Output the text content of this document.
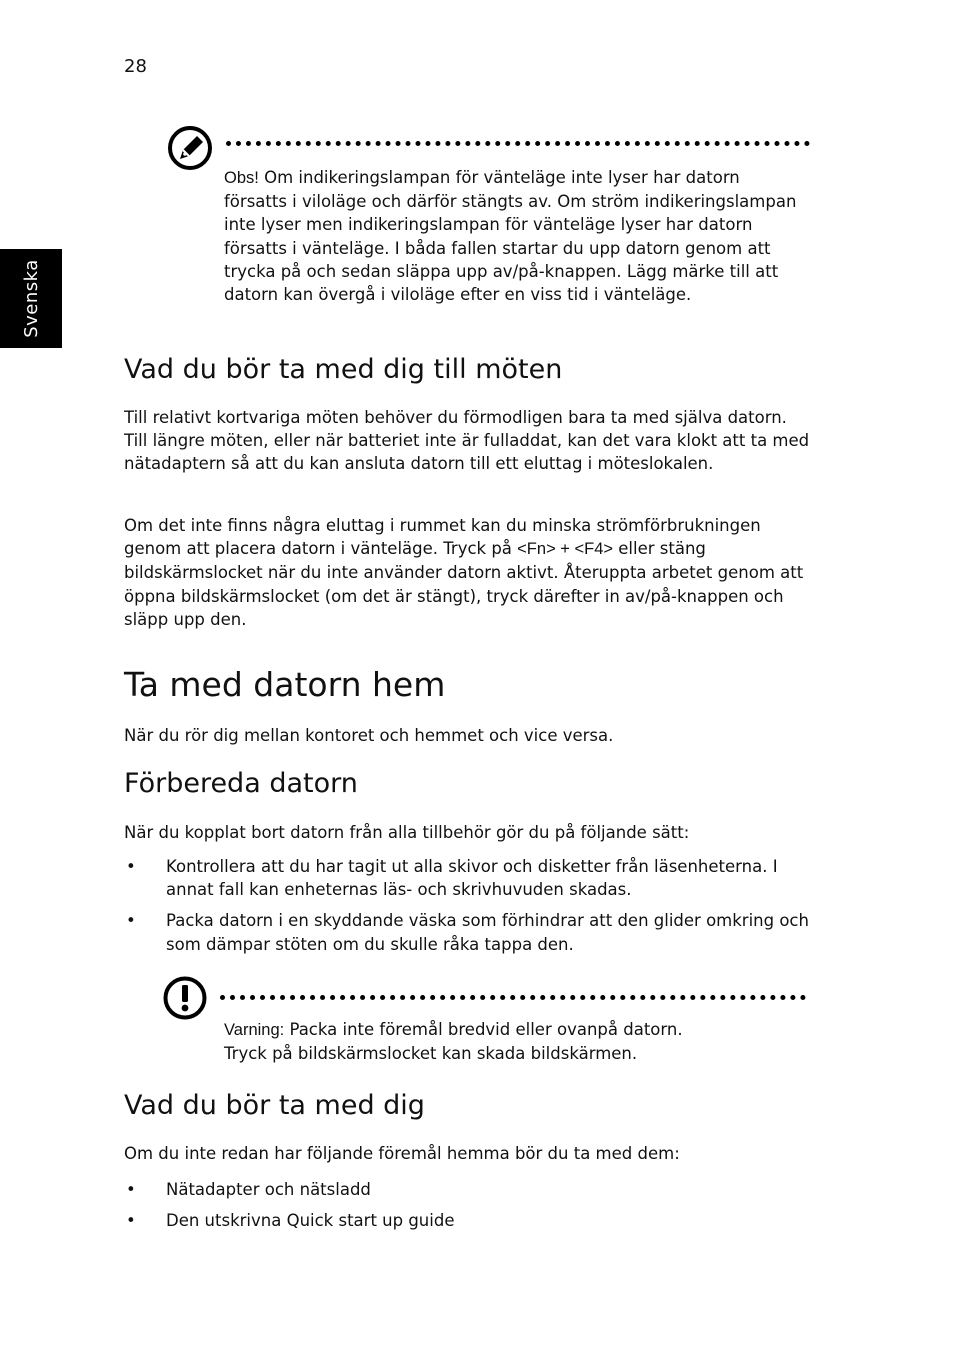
28
Svenska

Obs! Om indikeringslampan för vänteläge inte lyser har datorn försatts i viloläge och därför stängts av. Om ström indikeringslampan inte lyser men indikeringslampan för vänteläge lyser har datorn försatts i vänteläge. I båda fallen startar du upp datorn genom att trycka på och sedan släppa upp av/på-knappen. Lägg märke till att datorn kan övergå i viloläge efter en viss tid i vänteläge.

Vad du bör ta med dig till möten

Till relativt kortvariga möten behöver du förmodligen bara ta med själva datorn. Till längre möten, eller när batteriet inte är fulladdat, kan det vara klokt att ta med nätadaptern så att du kan ansluta datorn till ett eluttag i möteslokalen.

Om det inte finns några eluttag i rummet kan du minska strömförbrukningen genom att placera datorn i vänteläge. Tryck på <Fn> + <F4> eller stäng bildskärmslocket när du inte använder datorn aktivt. Återuppta arbetet genom att öppna bildskärmslocket (om det är stängt), tryck därefter in av/på-knappen och släpp upp den.

Ta med datorn hem

När du rör dig mellan kontoret och hemmet och vice versa.

Förbereda datorn

När du kopplat bort datorn från alla tillbehör gör du på följande sätt:

• Kontrollera att du har tagit ut alla skivor och disketter från läsenheterna. I annat fall kan enheternas läs- och skrivhuvuden skadas.
• Packa datorn i en skyddande väska som förhindrar att den glider omkring och som dämpar stöten om du skulle råka tappa den.

Varning: Packa inte föremål bredvid eller ovanpå datorn.

Tryck på bildskärmslocket kan skada bildskärmen.

Vad du bör ta med dig

Om du inte redan har följande föremål hemma bör du ta med dem:

• Nätadapter och nätsladd
• Den utskrivna Quick start up guide
